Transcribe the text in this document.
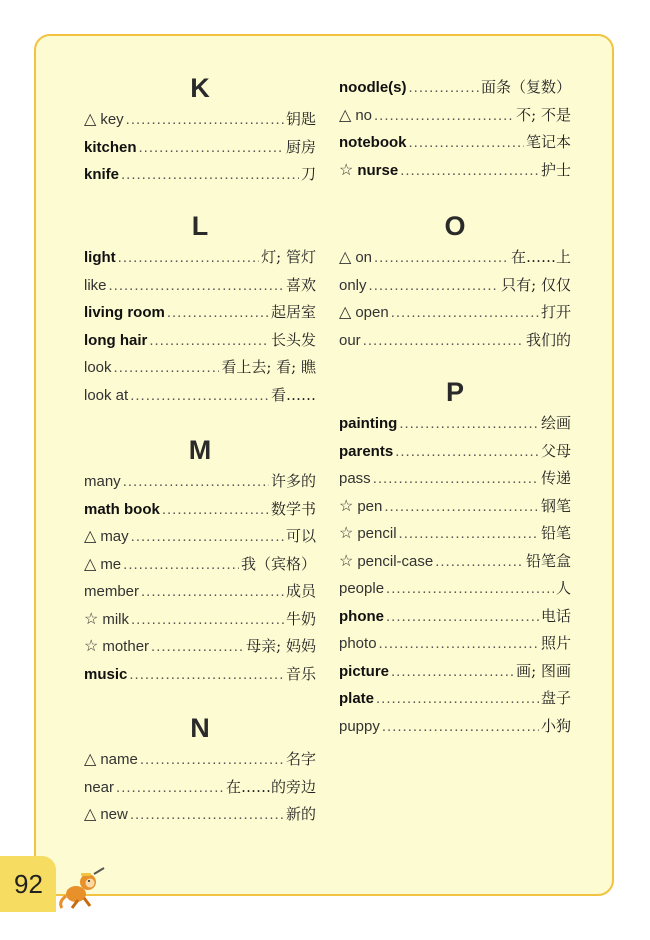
K
△ key .....	钥匙
kitchen .....	厨房
knife .....	刀
L
light .....	灯; 管灯
like .....	喜欢
living room .....	起居室
long hair .....	长头发
look .....	看上去; 看; 瞧
look at .....	看……
M
many .....	许多的
math book .....	数学书
△ may .....	可以
△ me .....	我（宾格）
member .....	成员
☆ milk .....	牛奶
☆ mother .....	母亲; 妈妈
music .....	音乐
N
△ name .....	名字
near .....	在……的旁边
△ new .....	新的
noodle(s) .....	面条（复数）
△ no .....	不; 不是
notebook .....	笔记本
☆ nurse .....	护士
O
△ on .....	在……上
only .....	只有; 仅仅
△ open .....	打开
our .....	我们的
P
painting .....	绘画
parents .....	父母
pass .....	传递
☆ pen .....	钢笔
☆ pencil .....	铅笔
☆ pencil-case .....	铅笔盒
people .....	人
phone .....	电话
photo .....	照片
picture .....	画; 图画
plate .....	盘子
puppy .....	小狗
92
